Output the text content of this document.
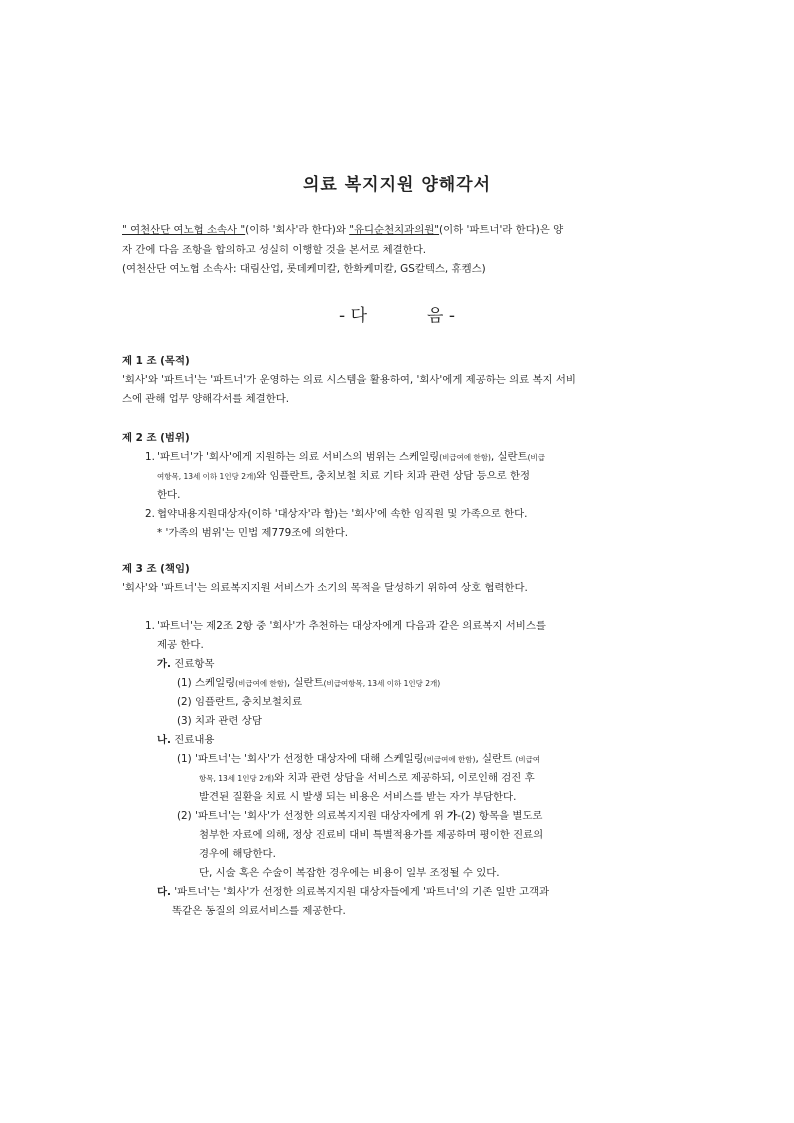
의료 복지지원 양해각서
" 여천산단 여노협 소속사 "(이하 '회사'라 한다)와 "유디순천치과의원"(이하 '파트너'라 한다)은 양
자 간에 다음 조항을 합의하고 성실히 이행할 것을 본서로 체결한다.
(여천산단 여노협 소속사: 대림산업, 롯데케미칼, 한화케미칼, GS칼텍스, 휴켐스)
- 다	음 -
제 1 조 (목적)
'회사'와 '파트너'는 '파트너'가 운영하는 의료 시스템을 활용하여, '회사'에게 제공하는 의료 복지 서비
스에 관해 업무 양해각서를 체결한다.
제 2 조 (범위)
1. '파트너'가 '회사'에게 지원하는 의료 서비스의 범위는 스케일링(비급여에 한함), 실란트(비급
여항목, 13세 이하 1인당 2개)와 임플란트, 충치보철 치료 기타 치과 관련 상담 등으로 한정
한다.
2. 협약내용지원대상자(이하 '대상자'라 함)는 '회사'에 속한 임직원 및 가족으로 한다.
* '가족의 범위'는 민법 제779조에 의한다.
제 3 조 (책임)
'회사'와 '파트너'는 의료복지지원 서비스가 소기의 목적을 달성하기 위하여 상호 협력한다.
1. '파트너'는 제2조 2항 중 '회사'가 추천하는 대상자에게 다음과 같은 의료복지 서비스를
제공 한다.
가. 진료항목
(1) 스케일링(비급여에 한함), 실란트(비급여항목, 13세 이하 1인당 2개)
(2) 임플란트, 충치보철치료
(3) 치과 관련 상담
나. 진료내용
(1) '파트너'는 '회사'가 선정한 대상자에 대해 스케일링(비급여에 한함), 실란트 (비급여
항목, 13세 1인당 2개)와 치과 관련 상담을 서비스로 제공하되, 이로인해 검진 후
발견된 질환을 치료 시 발생 되는 비용은 서비스를 받는 자가 부담한다.
(2) '파트너'는 '회사'가 선정한 의료복지지원 대상자에게 위 가-(2) 항목을 별도로
첨부한 자료에 의해, 정상 진료비 대비 특별적용가를 제공하며 평이한 진료의
경우에 해당한다.
단, 시술 혹은 수술이 복잡한 경우에는 비용이 일부 조정될 수 있다.
다. '파트너'는 '회사'가 선정한 의료복지지원 대상자들에게 '파트너'의 기존 일반 고객과
똑같은 동질의 의료서비스를 제공한다.
